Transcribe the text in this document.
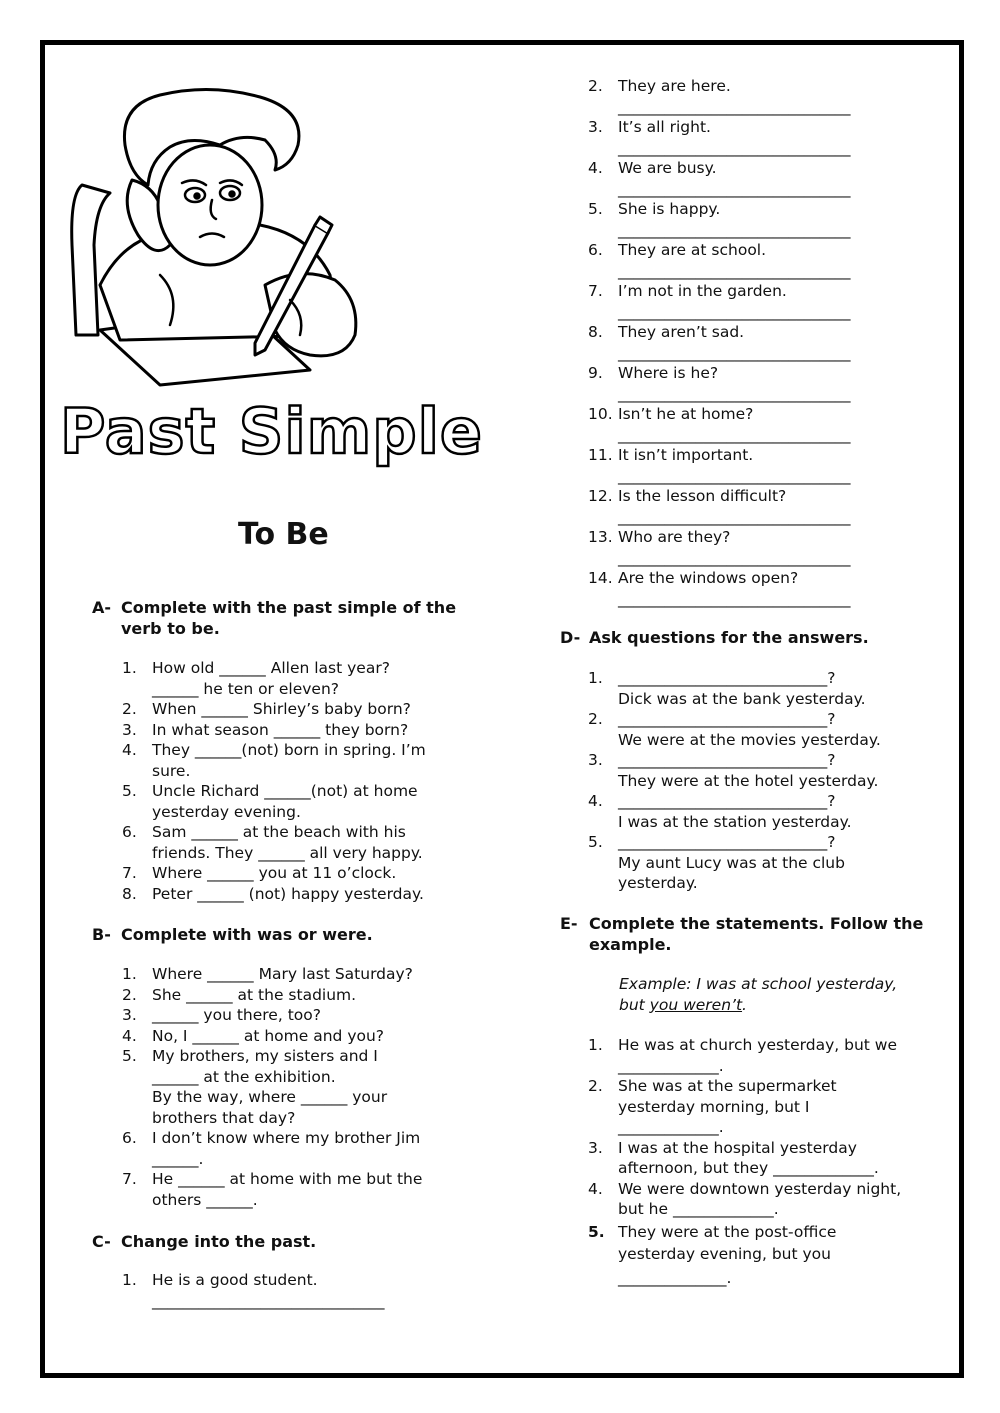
Past Simple
To Be
A- Complete with the past simple of the
verb to be.
1. How old ______ Allen last year?
______ he ten or eleven?
2. When ______ Shirley’s baby born?
3. In what season ______ they born?
4. They ______(not) born in spring. I’m
sure.
5. Uncle Richard ______(not) at home
yesterday evening.
6. Sam ______ at the beach with his
friends. They ______ all very happy.
7. Where ______ you at 11 o’clock.
8. Peter ______ (not) happy yesterday.
B- Complete with was or were.
1. Where ______ Mary last Saturday?
2. She ______ at the stadium.
3. ______ you there, too?
4. No, I ______ at home and you?
5. My brothers, my sisters and I
______ at the exhibition.
By the way, where ______ your
brothers that day?
6. I don’t know where my brother Jim
______.
7. He ______ at home with me but the
others ______.
C- Change into the past.
1. He is a good student.
______________________________
2. They are here.
______________________________
3. It’s all right.
______________________________
4. We are busy.
______________________________
5. She is happy.
______________________________
6. They are at school.
______________________________
7. I’m not in the garden.
______________________________
8. They aren’t sad.
______________________________
9. Where is he?
______________________________
10. Isn’t he at home?
______________________________
11. It isn’t important.
______________________________
12. Is the lesson difficult?
______________________________
13. Who are they?
______________________________
14. Are the windows open?
______________________________
D- Ask questions for the answers.
1. ___________________________?
Dick was at the bank yesterday.
2. ___________________________?
We were at the movies yesterday.
3. ___________________________?
They were at the hotel yesterday.
4. ___________________________?
I was at the station yesterday.
5. ___________________________?
My aunt Lucy was at the club
yesterday.
E- Complete the statements. Follow the
example.
Example: I was at school yesterday,
but you weren’t.
1. He was at church yesterday, but we
_____________.
2. She was at the supermarket
yesterday morning, but I
_____________.
3. I was at the hospital yesterday
afternoon, but they _____________.
4. We were downtown yesterday night,
but he _____________.
5. They were at the post-office
yesterday evening, but you
______________.
